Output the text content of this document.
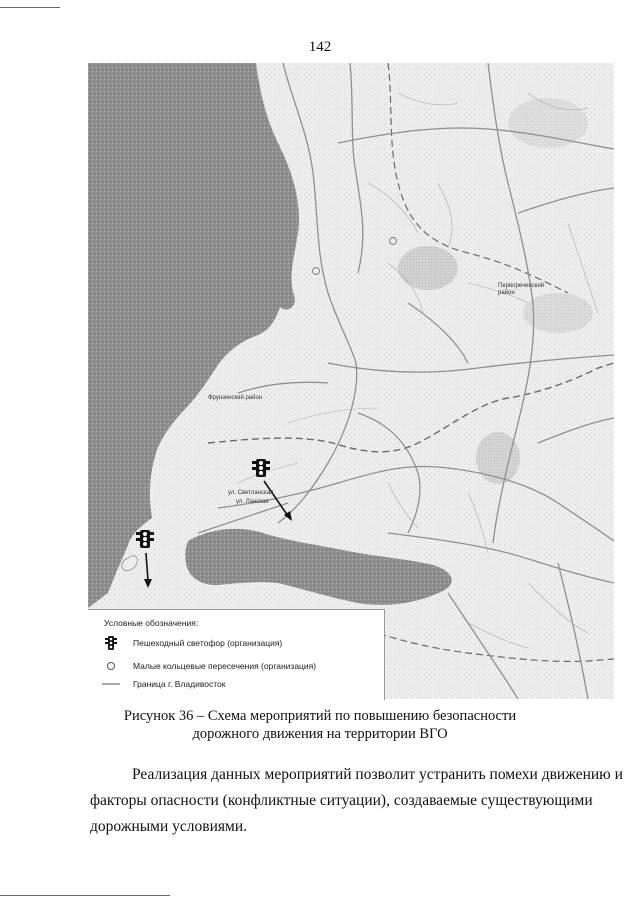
142
Первореченский район
Фрунзенский район
ул. Светланская
ул. Ланская
Условные обозначения:
Пешеходный светофор (организация)
Малые кольцевые пересечения (организация)
Граница г. Владивосток
Рисунок 36 – Схема мероприятий по повышению безопасности
дорожного движения на территории ВГО
Реализация данных мероприятий позволит устранить помехи движению и
факторы опасности (конфликтные ситуации), создаваемые существующими
дорожными условиями.
